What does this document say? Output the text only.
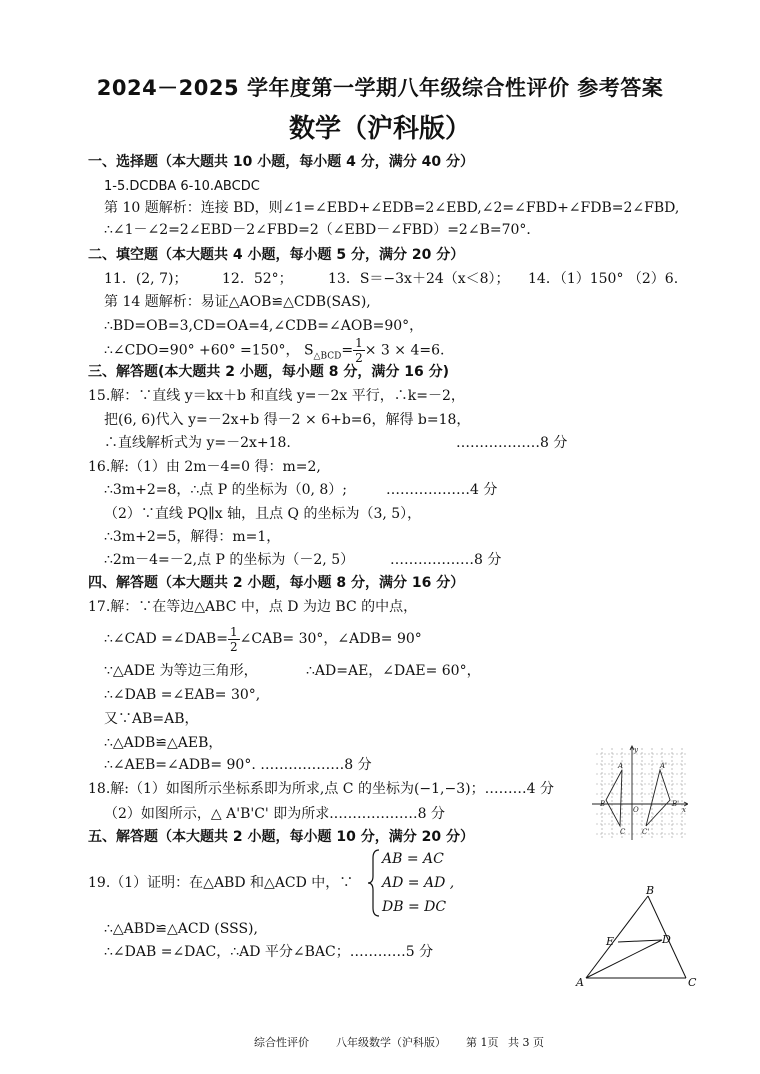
2024－2025 学年度第一学期八年级综合性评价 参考答案
数学（沪科版）
一、选择题（本大题共 10 小题，每小题 4 分，满分 40 分）
1-5.DCDBA 6-10.ABCDC
第 10 题解析：连接 BD，则∠1=∠EBD+∠EDB=2∠EBD,∠2=∠FBD+∠FDB=2∠FBD,
∴∠1－∠2=2∠EBD－2∠FBD=2（∠EBD－∠FBD）=2∠B=70°．
二、填空题（本大题共 4 小题，每小题 5 分，满分 20 分）
11．(2, 7)； 12．52°；	13．S＝−3x＋24（x＜8）； 14．（1）150° （2）6.
第 14 题解析：易证△AOB≌△CDB(SAS),
∴BD=OB=3,CD=OA=4,∠CDB=∠AOB=90°，
∴∠CDO=90° +60° =150°， $S_{\triangle BCD}= \frac{1}{2} \times 3 \times 4=6$.
三、解答题(本大题共 2 小题，每小题 8 分，满分 16 分)
15.解：∵直线 y＝kx＋b 和直线 y=－2x 平行，∴k=－2，
把(6, 6)代入 y=－2x+b 得－2 × 6+b=6，解得 b=18，
∴直线解析式为 y=－2x+18.	………………8 分
16.解:（1）由 2m－4=0 得：m=2,
∴3m+2=8，∴点 P 的坐标为（0, 8）;	………………4 分
（2）∵直线 PQ∥x 轴，且点 Q 的坐标为（3, 5），
∴3m+2=5，解得：m=1，
∴2m－4=－2,点 P 的坐标为（－2, 5）	………………8 分
四、解答题（本大题共 2 小题，每小题 8 分，满分 16 分）
17.解：∵在等边△ABC 中，点 D 为边 BC 的中点，
∴∠CAD =∠DAB= $\frac{1}{2}$ ∠CAB= 30°，∠ADB= 90°
∵△ADE 为等边三角形，	∴AD=AE，∠DAE= 60°，
∴∠DAB =∠EAB= 30°,
又∵AB=AB，
∴△ADB≌△AEB，
∴∠AEB=∠ADB= 90°. ………………8 分
18.解:（1）如图所示坐标系即为所求,点 C 的坐标为(−1,−3)；………4 分
（2）如图所示，△ A'B'C' 即为所求.………………8 分
y
x
A	A'
B	B'
O
C C'
五、解答题（本大题共 2 小题，每小题 10 分，满分 20 分）
19.（1）证明：在△ABD 和△ACD 中，∵
AB = AC
AD = AD ,
DB = DC
∴△ABD≌△ACD (SSS),
∴∠DAB =∠DAC，∴AD 平分∠BAC；…………5 分
B
E	D
A	C
综合性评价 八年级数学（沪科版） 第 1页 共 3 页
